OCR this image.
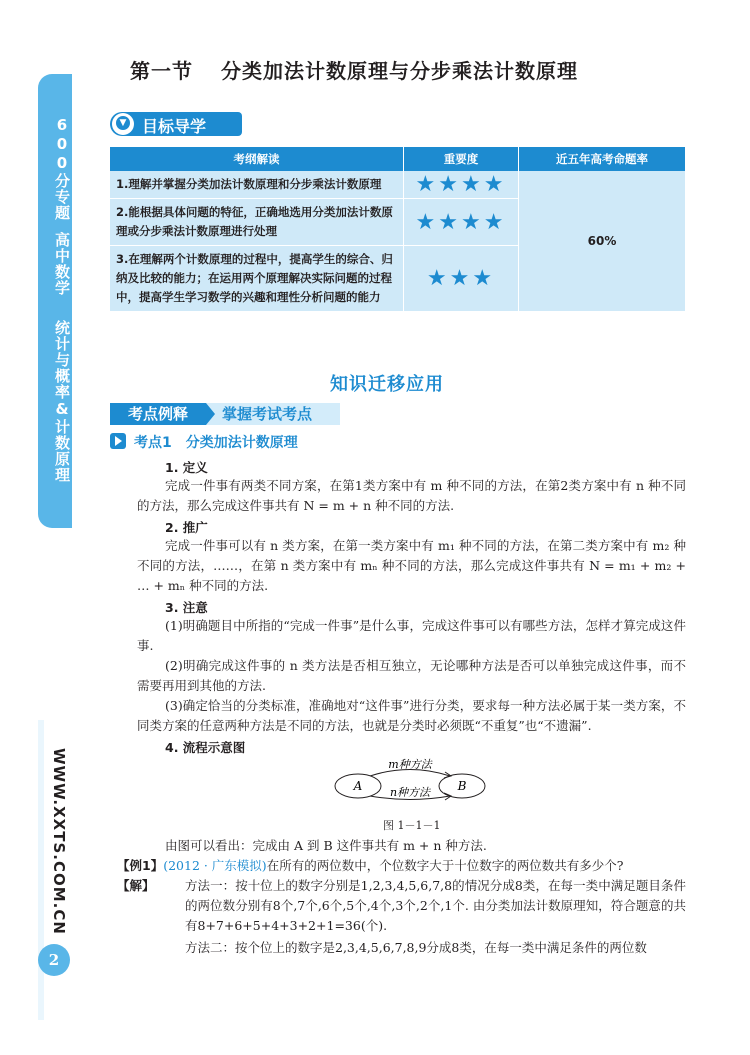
600分专题
高中数学
统计与概率&计数原理
WWW.XXTS.COM.CN
2
第一节 分类加法计数原理与分步乘法计数原理
▼ 目标导学
考纲解读	重要度	近五年高考命题率
1.理解并掌握分类加法计数原理和分步乘法计数原理	★★★★	60%
2.能根据具体问题的特征，正确地选用分类加法计数原理或分步乘法计数原理进行处理	★★★★	
3.在理解两个计数原理的过程中，提高学生的综合、归纳及比较的能力；在运用两个原理解决实际问题的过程中，提高学生学习数学的兴趣和理性分析问题的能力	★★★	
知识迁移应用
考点例释	掌握考试考点
考点1　分类加法计数原理
1. 定义
完成一件事有两类不同方案，在第1类方案中有 m 种不同的方法，在第2类方案中有 n 种不同的方法，那么完成这件事共有 N = m + n 种不同的方法.
2. 推广
完成一件事可以有 n 类方案，在第一类方案中有 m₁ 种不同的方法，在第二类方案中有 m₂ 种不同的方法，……，在第 n 类方案中有 mₙ 种不同的方法，那么完成这件事共有 N = m₁ + m₂ + … + mₙ 种不同的方法.
3. 注意
(1)明确题目中所指的“完成一件事”是什么事，完成这件事可以有哪些方法，怎样才算完成这件事.
(2)明确完成这件事的 n 类方法是否相互独立，无论哪种方法是否可以单独完成这件事，而不需要再用到其他的方法.
(3)确定恰当的分类标准，准确地对“这件事”进行分类，要求每一种方法必属于某一类方案，不同类方案的任意两种方法是不同的方法，也就是分类时必须既“不重复”也“不遗漏”.
4. 流程示意图
m种方法
n种方法
A	B
图 1－1－1
由图可以看出：完成由 A 到 B 这件事共有 m + n 种方法.
【例1】(2012 · 广东模拟)在所有的两位数中，个位数字大于十位数字的两位数共有多少个?
【解】 方法一：按十位上的数字分别是1,2,3,4,5,6,7,8的情况分成8类，在每一类中满足题目条件的两位数分别有8个,7个,6个,5个,4个,3个,2个,1个. 由分类加法计数原理知，符合题意的共有8+7+6+5+4+3+2+1=36(个).
方法二：按个位上的数字是2,3,4,5,6,7,8,9分成8类，在每一类中满足条件的两位数
